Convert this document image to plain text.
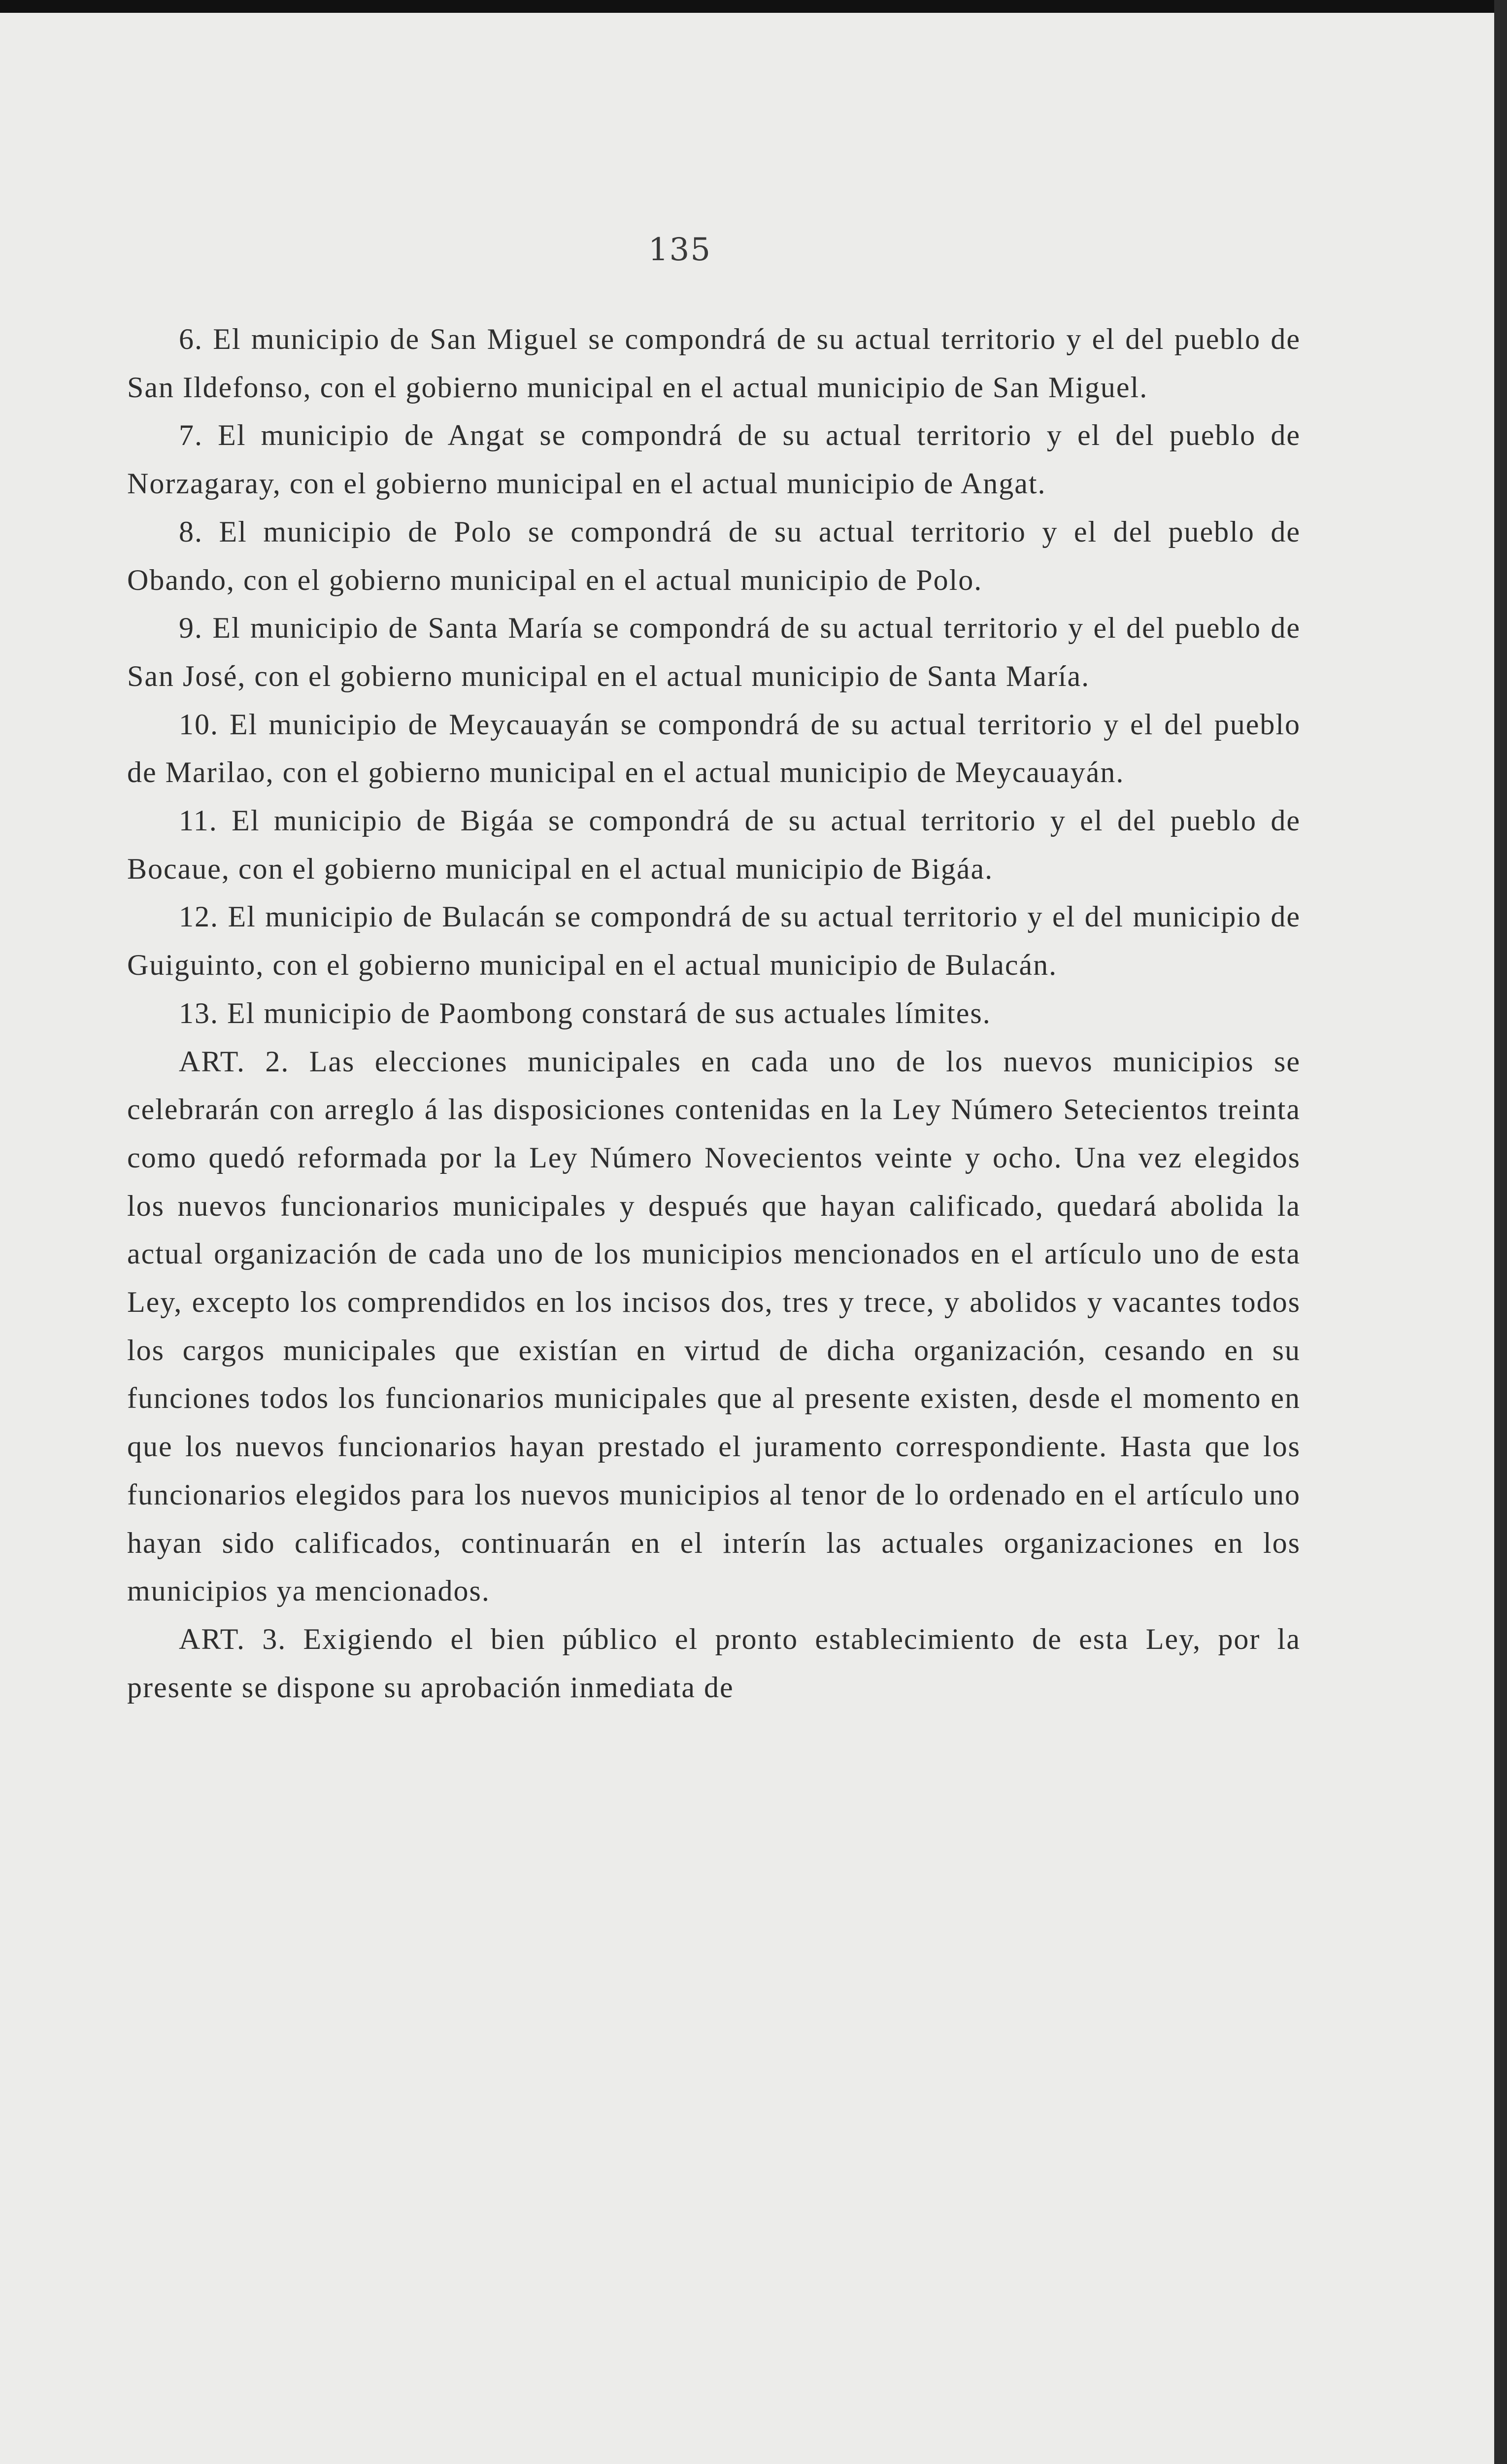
135

6. El municipio de San Miguel se compondrá de su actual territorio y el del pueblo de San Ildefonso, con el gobierno municipal en el actual municipio de San Miguel.

7. El municipio de Angat se compondrá de su actual territorio y el del pueblo de Norzagaray, con el gobierno municipal en el actual municipio de Angat.

8. El municipio de Polo se compondrá de su actual territorio y el del pueblo de Obando, con el gobierno municipal en el actual municipio de Polo.

9. El municipio de Santa María se compondrá de su actual territorio y el del pueblo de San José, con el gobierno municipal en el actual municipio de Santa María.

10. El municipio de Meycauayán se compondrá de su actual territorio y el del pueblo de Marilao, con el gobierno municipal en el actual municipio de Meycauayán.

11. El municipio de Bigáa se compondrá de su actual territorio y el del pueblo de Bocaue, con el gobierno municipal en el actual municipio de Bigáa.

12. El municipio de Bulacán se compondrá de su actual territorio y el del municipio de Guiguinto, con el gobierno municipal en el actual municipio de Bulacán.

13. El municipio de Paombong constará de sus actuales límites.

ART. 2. Las elecciones municipales en cada uno de los nuevos municipios se celebrarán con arreglo á las disposiciones contenidas en la Ley Número Setecientos treinta como quedó reformada por la Ley Número Novecientos veinte y ocho. Una vez elegidos los nuevos funcionarios municipales y después que hayan calificado, quedará abolida la actual organización de cada uno de los municipios mencionados en el artículo uno de esta Ley, excepto los comprendidos en los incisos dos, tres y trece, y abolidos y vacantes todos los cargos municipales que existían en virtud de dicha organización, cesando en su funciones todos los funcionarios municipales que al presente existen, desde el momento en que los nuevos funcionarios hayan prestado el juramento correspondiente. Hasta que los funcionarios elegidos para los nuevos municipios al tenor de lo ordenado en el artículo uno hayan sido calificados, continuarán en el interín las actuales organizaciones en los municipios ya mencionados.

ART. 3. Exigiendo el bien público el pronto establecimiento de esta Ley, por la presente se dispone su aprobación inmediata de
